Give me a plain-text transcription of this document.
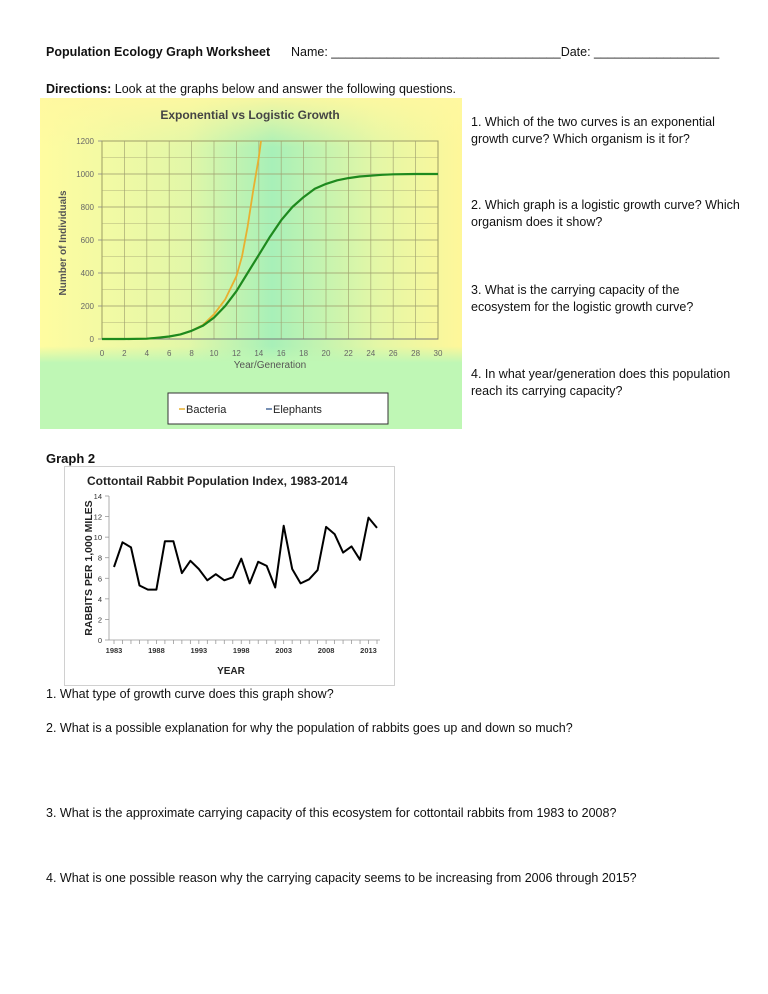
Population Ecology Graph Worksheet Name: _________________________________Date: __________________
Directions: Look at the graphs below and answer the following questions.
0 2 4 6 8 10 12 14 16 18 20 22 24 26 28 30
0
200
400
600
800
1000
1200
Exponential vs Logistic Growth
Year/Generation
Number of Individuals
Bacteria	Elephants
1. Which of the two curves is an exponential growth curve? Which organism is it for?
2. Which graph is a logistic growth curve? Which organism does it show?
3. What is the carrying capacity of the ecosystem for the logistic growth curve?
4. In what year/generation does this population reach its carrying capacity?
Graph 2
Cottontail Rabbit Population Index, 1983-2014
0
2
4
6
8
10
12
14
1983	1988	1993	1998	2003	2008	2013
RABBITS PER 1,000 MILES
YEAR
1. What type of growth curve does this graph show?
2. What is a possible explanation for why the population of rabbits goes up and down so much?
3. What is the approximate carrying capacity of this ecosystem for cottontail rabbits from 1983 to 2008?
4. What is one possible reason why the carrying capacity seems to be increasing from 2006 through 2015?
